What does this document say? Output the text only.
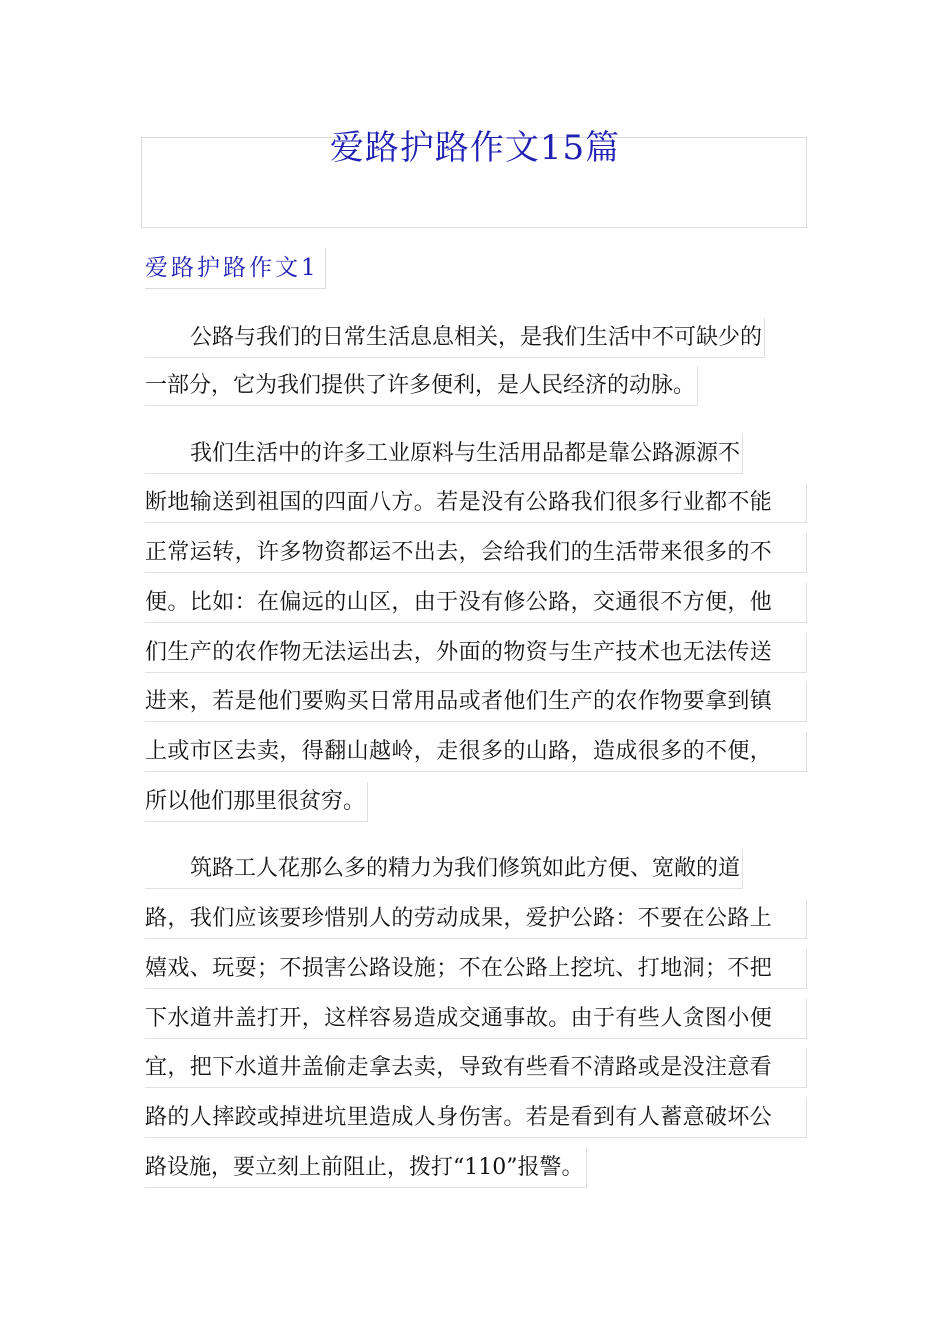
爱路护路作文15篇
爱路护路作文1
公路与我们的日常生活息息相关，是我们生活中不可缺少的
一部分，它为我们提供了许多便利，是人民经济的动脉。
我们生活中的许多工业原料与生活用品都是靠公路源源不
断地输送到祖国的四面八方。若是没有公路我们很多行业都不能
正常运转，许多物资都运不出去，会给我们的生活带来很多的不
便。比如：在偏远的山区，由于没有修公路，交通很不方便，他
们生产的农作物无法运出去，外面的物资与生产技术也无法传送
进来，若是他们要购买日常用品或者他们生产的农作物要拿到镇
上或市区去卖，得翻山越岭，走很多的山路，造成很多的不便，
所以他们那里很贫穷。
筑路工人花那么多的精力为我们修筑如此方便、宽敞的道
路，我们应该要珍惜别人的劳动成果，爱护公路：不要在公路上
嬉戏、玩耍；不损害公路设施；不在公路上挖坑、打地洞；不把
下水道井盖打开，这样容易造成交通事故。由于有些人贪图小便
宜，把下水道井盖偷走拿去卖，导致有些看不清路或是没注意看
路的人摔跤或掉进坑里造成人身伤害。若是看到有人蓄意破坏公
路设施，要立刻上前阻止，拨打“110”报警。
